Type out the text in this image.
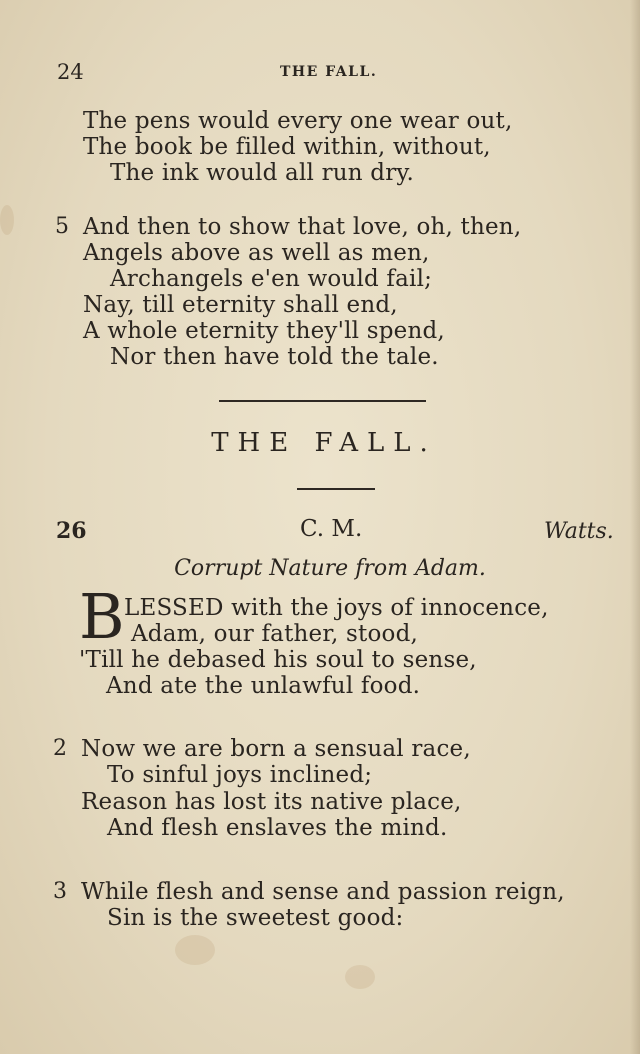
24	THE FALL.
The pens would every one wear out,
The book be filled within, without,
The ink would all run dry.
5 And then to show that love, oh, then,
Angels above as well as men,
Archangels e'en would fail;
Nay, till eternity shall end,
A whole eternity they'll spend,
Nor then have told the tale.
THE FALL.
26	C. M.	Watts.
Corrupt Nature from Adam.
B LESSED with the joys of innocence,
Adam, our father, stood,
'Till he debased his soul to sense,
And ate the unlawful food.
2 Now we are born a sensual race,
To sinful joys inclined;
Reason has lost its native place,
And flesh enslaves the mind.
3 While flesh and sense and passion reign,
Sin is the sweetest good:
